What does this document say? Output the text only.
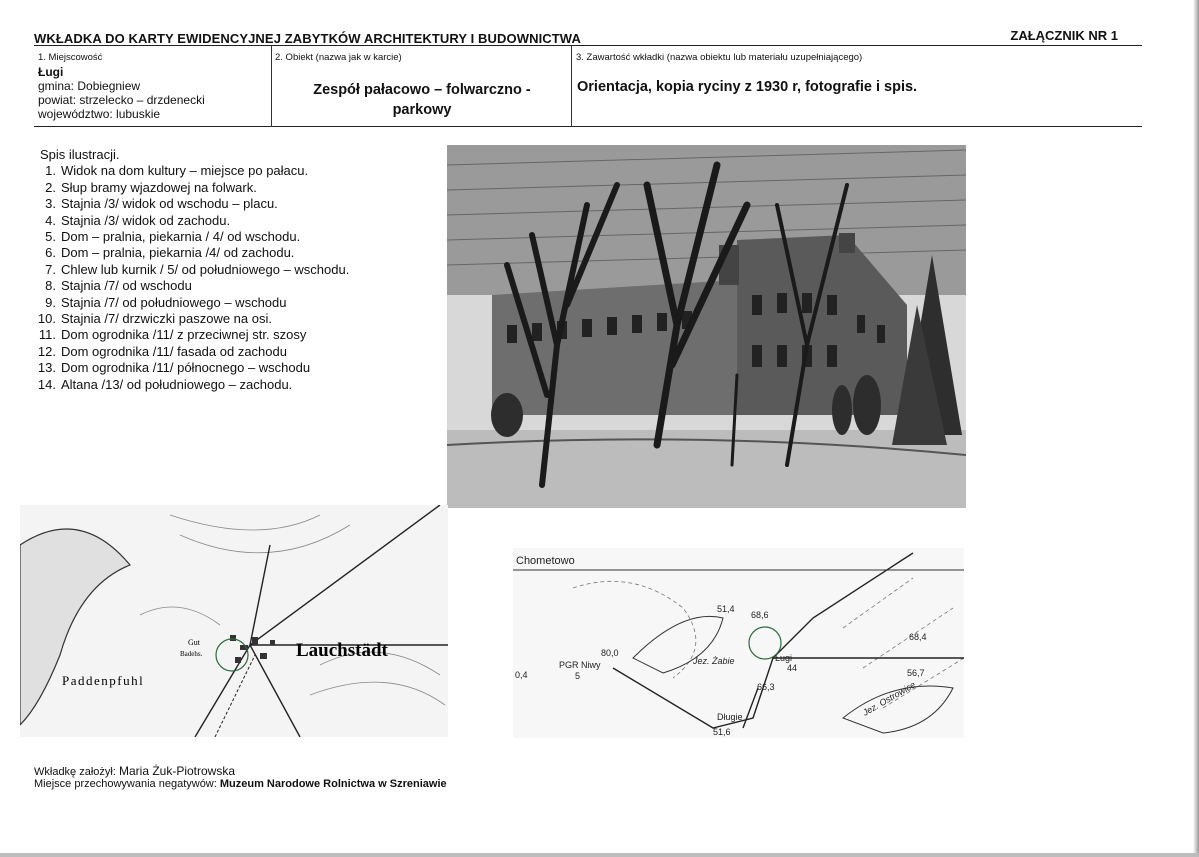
WKŁADKA DO KARTY EWIDENCYJNEJ ZABYTKÓW ARCHITEKTURY I BUDOWNICTWA	ZAŁĄCZNIK NR 1
1. Miejscowość
Ługi
gmina: Dobiegniew
powiat: strzelecko – drzdenecki
województwo: lubuskie
2. Obiekt (nazwa jak w karcie)
Zespół pałacowo – folwarczno -
parkowy
3. Zawartość wkładki (nazwa obiektu lub materiału uzupełniającego)
Orientacja, kopia ryciny z 1930 r, fotografie i spis.
Spis ilustracji.
1. Widok na dom kultury – miejsce po pałacu.
2. Słup bramy wjazdowej na folwark.
3. Stajnia /3/ widok od wschodu – placu.
4. Stajnia /3/ widok od zachodu.
5. Dom – pralnia, piekarnia / 4/ od wschodu.
6. Dom – pralnia, piekarnia /4/ od zachodu.
7. Chlew lub kurnik / 5/ od południowego – wschodu.
8. Stajnia /7/ od wschodu
9. Stajnia /7/ od południowego – wschodu
10. Stajnia /7/ drzwiczki paszowe na osi.
11. Dom ogrodnika /11/ z przeciwnej str. szosy
12. Dom ogrodnika /11/ fasada od zachodu
13. Dom ogrodnika /11/ północnego – wschodu
14. Altana /13/ od południowego – zachodu.
Lauchstädt
Paddenpfuhl
Gut
Badehs.
Chometowo
Ługi
PGR Niwy	Jez. Żabie
Jez. Ostrowice
Długie
51,4
68,6
68,4
80,0
66,3
56,7
51,6
44
5
0,4
Wkładkę założył: Maria Żuk-Piotrowska
Miejsce przechowywania negatywów: Muzeum Narodowe Rolnictwa w Szreniawie
